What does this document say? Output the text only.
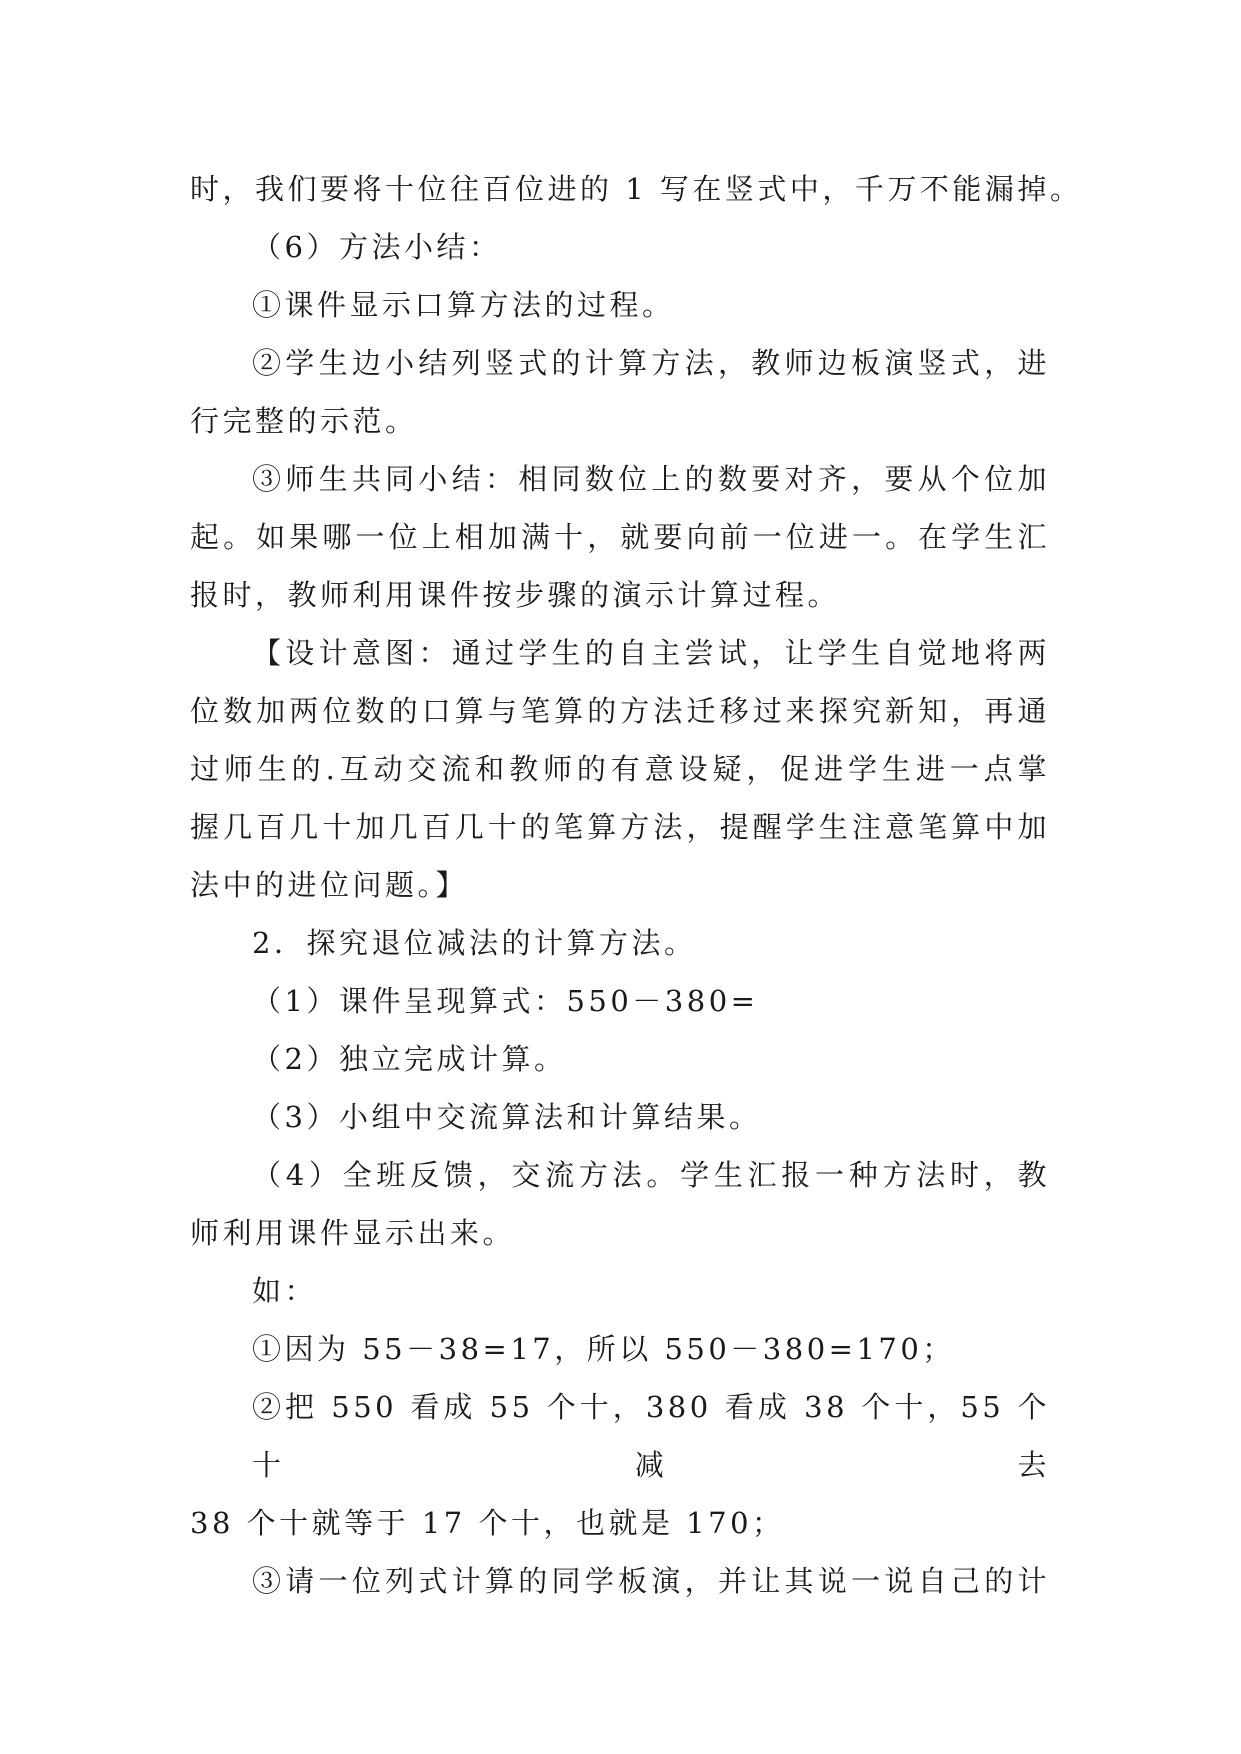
时，我们要将十位往百位进的 1 写在竖式中，千万不能漏掉。

（6）方法小结：

①课件显示口算方法的过程。

②学生边小结列竖式的计算方法，教师边板演竖式，进
行完整的示范。

③师生共同小结：相同数位上的数要对齐，要从个位加
起。如果哪一位上相加满十，就要向前一位进一。在学生汇
报时，教师利用课件按步骤的演示计算过程。

【设计意图：通过学生的自主尝试，让学生自觉地将两
位数加两位数的口算与笔算的方法迁移过来探究新知，再通
过师生的.互动交流和教师的有意设疑，促进学生进一点掌
握几百几十加几百几十的笔算方法，提醒学生注意笔算中加
法中的进位问题。】

2．探究退位减法的计算方法。

（1）课件呈现算式：550－380=

（2）独立完成计算。

（3）小组中交流算法和计算结果。

（4）全班反馈，交流方法。学生汇报一种方法时，教
师利用课件显示出来。

如：

①因为 55－38=17，所以 550－380=170；

②把 550 看成 55 个十，380 看成 38 个十，55 个十减去
38 个十就等于 17 个十，也就是 170；

③请一位列式计算的同学板演，并让其说一说自己的计
